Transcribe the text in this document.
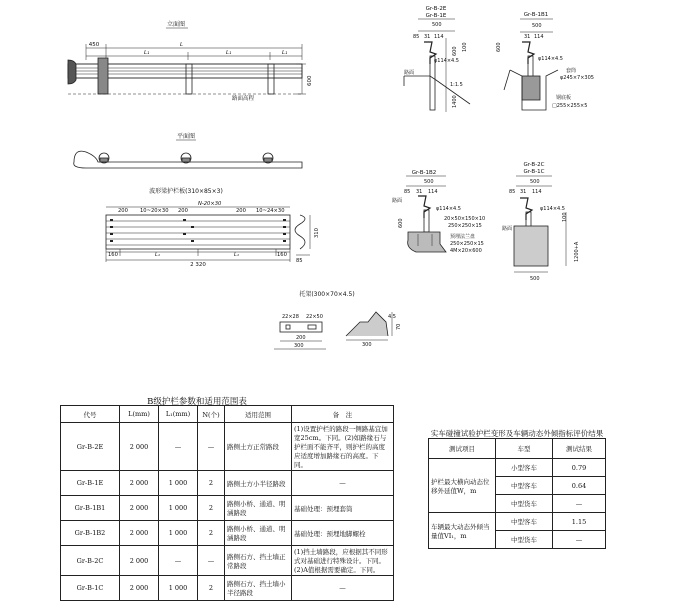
立面图
450	L
L₁	L₁	L₁
600
路面高程
平面图
波形梁护栏板(310×85×3)
200 10~20×30 200
N-20×30
200 10~24×30
310
85
160	L₁	L₁	160
2 320
托架(300×70×4.5)
22×28 22×50
200
300	300
4.5
70
Gr-B-2E
Gr-B-1E
500
85 31 114
φ114×4.5
路面
1:1.5
600
1400
100
Gr-B-1B1
500
31 114
600
φ114×4.5
套筒
φ245×7×305
钢底板
□255×255×5
Gr-B-1B2
500
85 31 114
600
φ114×4.5
20×50×150×10
250×250×15
预埋法兰盘
250×250×15
4M×20×600
路面
Gr-B-2C
Gr-B-1C
500
85 31 114
φ114×4.5
路面
1200+A
100
500
B级护栏参数和适用范围表
代号	L(mm)	L₁(mm)	N(个)	适用范围	备　注
Gr-B-2E	2 000	—	—	路侧土方正常路段	(1)设置护栏的路段一侧路基宜加宽25cm。下同。(2)如路缘石与护栏面不能齐平，则护栏的高度应适度增加路缘石的高度。下同。
Gr-B-1E	2 000	1 000	2	路侧土方小半径路段	—
Gr-B-1B1	2 000	1 000	2	路侧小桥、通道、明涵路段	基础处理：预埋套筒
Gr-B-1B2	2 000	1 000	2	路侧小桥、通道、明涵路段	基础处理：预埋地脚螺栓
Gr-B-2C	2 000	—	—	路侧石方、挡土墙正常路段	(1)挡土墙路段，应根据其不同形式对基础进行特殊设计。下同。(2)A值根据需要确定。下同。
Gr-B-1C	2 000	1 000	2	路侧石方、挡土墙小半径路段	—
实车碰撞试验护栏变形及车辆动态外倾指标评价结果
测试项目	车型	测试结果
护栏最大横向动态位移外延值W，m	小型客车	0.79
	中型客车	0.64
	中型货车	—
车辆最大动态外倾当量值VI₁，m	中型客车	1.15
	中型货车	—
